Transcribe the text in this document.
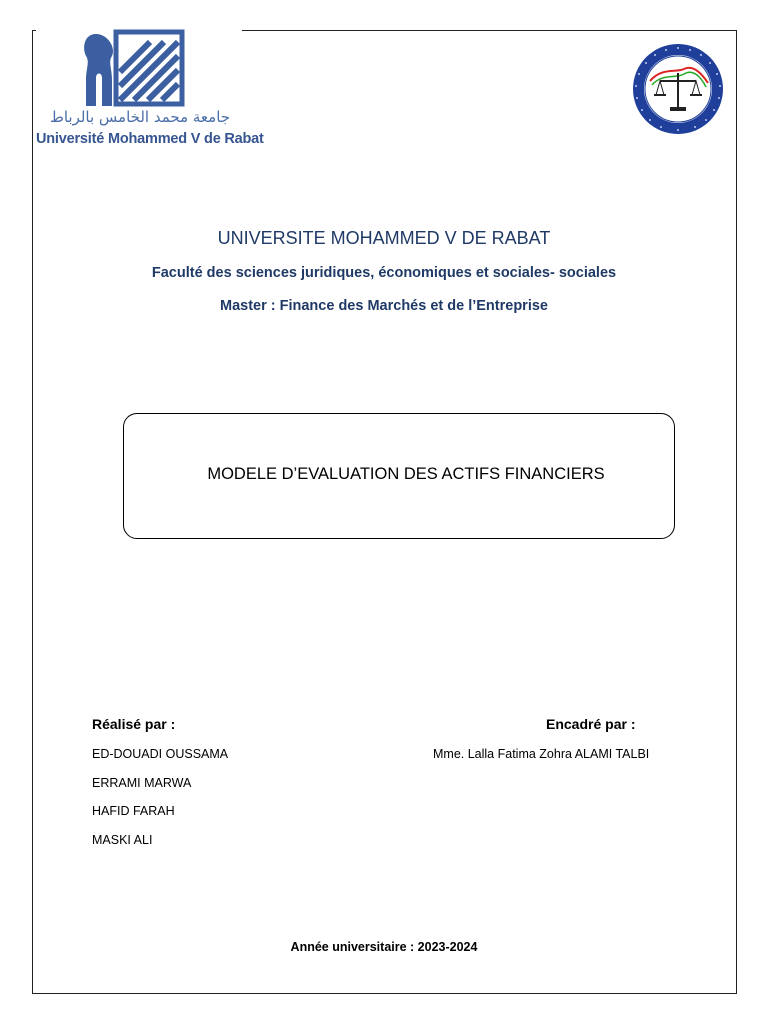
جامعة محمد الخامس بالرباط
Université Mohammed V de Rabat
UNIVERSITE MOHAMMED V DE RABAT
Faculté des sciences juridiques, économiques et sociales- sociales
Master : Finance des Marchés et de l’Entreprise
MODELE D’EVALUATION DES ACTIFS FINANCIERS
Réalisé par :	Encadré par :
ED-DOUADI OUSSAMA
ERRAMI MARWA
HAFID FARAH
MASKI ALI
Mme. Lalla Fatima Zohra ALAMI TALBI
Année universitaire : 2023-2024
